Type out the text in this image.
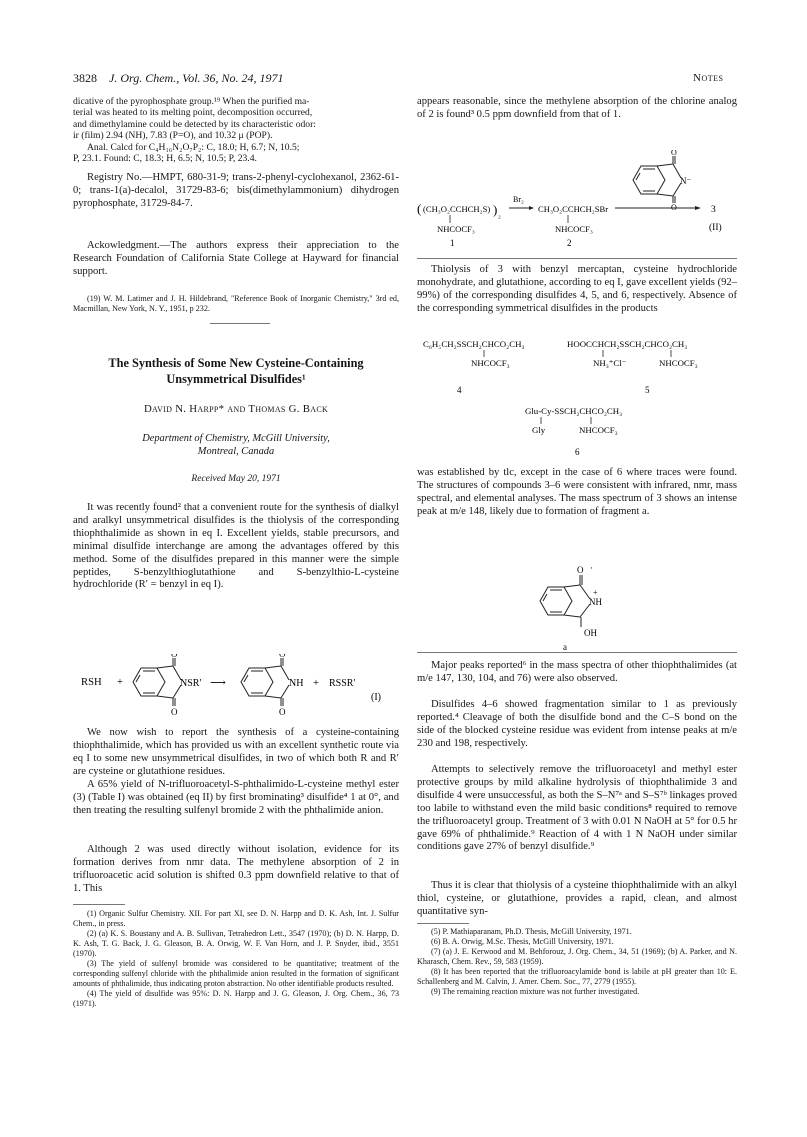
3828 J. Org. Chem., Vol. 36, No. 24, 1971	Notes

dicative of the pyrophosphate group.¹⁹ When the purified ma-

terial was heated to its melting point, decomposition occurred,

and dimethylamine could be detected by its characteristic odor:

ir (film) 2.94 (NH), 7.83 (P=O), and 10.32 μ (POP).

Anal. Calcd for C₄H₁₆N₂O₇P₂: C, 18.0; H, 6.7; N, 10.5;

P, 23.1. Found: C, 18.3; H, 6.5; N, 10.5; P, 23.4.

Registry No.—HMPT, 680-31-9; trans-2-phenyl-cyclohexanol, 2362-61-0; trans-1(a)-decalol, 31729-83-6; bis(dimethylammonium) dihydrogen pyrophosphate, 31729-84-7.

Ackowledgment.—The authors express their appreciation to the Research Foundation of California State College at Hayward for financial support.

(19) W. M. Latimer and J. H. Hildebrand, "Reference Book of Inorganic Chemistry," 3rd ed, Macmillan, New York, N. Y., 1951, p 232.

The Synthesis of Some New Cysteine-Containing
Unsymmetrical Disulfides¹
David N. Harpp* and Thomas G. Back
Department of Chemistry, McGill University,
Montreal, Canada
Received May 20, 1971

It was recently found² that a convenient route for the synthesis of dialkyl and aralkyl unsymmetrical disulfides is the thiolysis of the corresponding thiophthalimide as shown in eq I. Excellent yields, stable precursors, and minimal disulfide interchange are among the advantages offered by this method. Some of the disulfides prepared in this manner were the simple peptides, S-benzylthioglutathione and S-benzylthio-L-cysteine hydrochloride (R′ = benzyl in eq I).

RSH +
O
O
NSR′ ⟶
O
O
NH + RSSR′
(I)

We now wish to report the synthesis of a cysteine-containing thiophthalimide, which has provided us with an excellent synthetic route via eq I to some new unsymmetrical disulfides, in two of which both R and R′ are cysteine or glutathione residues.

A 65% yield of N-trifluoroacetyl-S-phthalimido-L-cysteine methyl ester (3) (Table I) was obtained (eq II) by first brominating³ disulfide⁴ 1 at 0°, and then treating the resulting sulfenyl bromide 2 with the phthalimide anion.

Although 2 was used directly without isolation, evidence for its formation derives from nmr data. The methylene absorption of 2 in trifluoroacetic acid solution is shifted 0.3 ppm downfield relative to that of 1. This

(1) Organic Sulfur Chemistry. XII. For part XI, see D. N. Harpp and D. K. Ash, Int. J. Sulfur Chem., in press.

(2) (a) K. S. Boustany and A. B. Sullivan, Tetrahedron Lett., 3547 (1970); (b) D. N. Harpp, D. K. Ash, T. G. Back, J. G. Gleason, B. A. Orwig, W. F. Van Horn, and J. P. Snyder, ibid., 3551 (1970).

(3) The yield of sulfenyl bromide was considered to be quantitative; treatment of the corresponding sulfenyl chloride with the phthalimide anion resulted in the formation of significant amounts of phthalimide, thus indicating proton abstraction. No other identifiable products resulted.

(4) The yield of disulfide was 95%: D. N. Harpp and J. G. Gleason, J. Org. Chem., 36, 73 (1971).

appears reasonable, since the methylene absorption of the chlorine analog of 2 is found³ 0.5 ppm downfield from that of 1.

( (CH₃O₂CCHCH₂S)
NHCOCF₃
1
) ₂
Br₂
CH₃O₂CCHCH₂SBr
NHCOCF₃
2
O
O
N⁻
3
(II)

Thiolysis of 3 with benzyl mercaptan, cysteine hydrochloride monohydrate, and glutathione, according to eq I, gave excellent yields (92–99%) of the corresponding disulfides 4, 5, and 6, respectively. Absence of the corresponding symmetrical disulfides in the products

C₆H₅CH₂SSCH₂CHCO₂CH₃
NHCOCF₃
4
HOOCCHCH₂SSCH₂CHCO₂CH₃
NH₃⁺Cl⁻	NHCOCF₃
5
Glu-Cy-SSCH₂CHCO₂CH₃
Gly	NHCOCF₃
6

was established by tlc, except in the case of 6 where traces were found. The structures of compounds 3–6 were consistent with infrared, nmr, mass spectral, and elemental analyses. The mass spectrum of 3 shows an intense peak at m/e 148, likely due to formation of fragment a.

O ·
NH
+
OH
a

Major peaks reported⁶ in the mass spectra of other thiophthalimides (at m/e 147, 130, 104, and 76) were also observed.

Disulfides 4–6 showed fragmentation similar to 1 as previously reported.⁴ Cleavage of both the disulfide bond and the C–S bond on the side of the blocked cysteine residue was evident from intense peaks at m/e 230 and 198, respectively.

Attempts to selectively remove the trifluoroacetyl and methyl ester protective groups by mild alkaline hydrolysis of thiophthalimide 3 and disulfide 4 were unsuccessful, as both the S–N⁷ᵃ and S–S⁷ᵇ linkages proved too labile to withstand even the mild basic conditions⁸ required to remove the trifluoroacetyl group. Treatment of 3 with 0.01 N NaOH at 5° for 0.5 hr gave 69% of phthalimide.⁹ Reaction of 4 with 1 N NaOH under similar conditions gave 27% of benzyl disulfide.⁹

Thus it is clear that thiolysis of a cysteine thiophthalimide with an alkyl thiol, cysteine, or glutathione, provides a rapid, clean, and almost quantitative syn-

(5) P. Mathiaparanam, Ph.D. Thesis, McGill University, 1971.

(6) B. A. Orwig, M.Sc. Thesis, McGill University, 1971.

(7) (a) J. E. Kerwood and M. Behforouz, J. Org. Chem., 34, 51 (1969); (b) A. Parker, and N. Kharasch, Chem. Rev., 59, 583 (1959).

(8) It has been reported that the trifluoroacylamide bond is labile at pH greater than 10: E. Schallenberg and M. Calvin, J. Amer. Chem. Soc., 77, 2779 (1955).

(9) The remaining reaction mixture was not further investigated.
